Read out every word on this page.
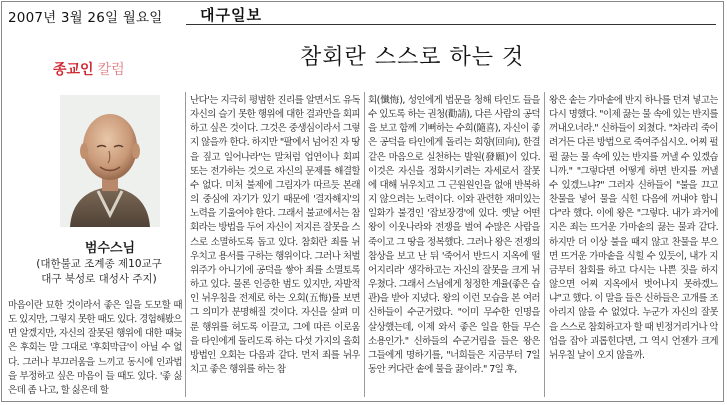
2007년 3월 26일 월요일	대구일보
참회란 스스로 하는 것
종교인 칼럼
범수스님
(대한불교 조계종 제10교구
대구 북성로 대성사 주지)

마음이란 묘한 것이라서 좋은 일을 도모할 때도 있지만, 그렇지 못한 때도 있다. 경험해봤으면 알겠지만, 자신의 잘못된 행위에 대한 때늦은 후회는 말 그대로 '후회막급'이 아닐 수 없다. 그러나 부끄러움을 느끼고 동시에 인과법을 부정하고 싶은 마음이 들 때도 있다. '좋 싫은데 좀 나고, 할 싫은데 할

난다'는 지극히 평범한 진리를 알면서도 유독 자신의 슬기 못한 행위에 대한 결과만을 회피하고 싶은 것이다. 그것은 중생심이라서 그렇지 않을까 한다. 하지만 "팔에서 넘어진 자 땅을 짚고 일어나라"는 말처럼 업연이나 회피 또는 전가하는 것으로 자신의 문제를 해결할 수 없다. 미처 불제에 그림자가 따르듯 본래의 중심에 자기가 있기 때문에 '결자해지'의 노력을 기울여야 한다. 그래서 불교에서는 참회라는 방법을 두어 자신이 저지른 잘못을 스스로 소멸하도록 돕고 있다. 참회란 죄를 뉘우치고 용서를 구하는 행위이다. 그러나 처벌위주가 아니기에 공덕을 쌓아 죄를 소멸토록 하고 있다. 물론 인증한 범도 있지만, 자발적인 뉘우침을 전제로 하는 오회(五悔)를 보면 그 의미가 분명해질 것이다. 자신을 살펴 미룬 행위를 허도록 이끌고, 그에 따른 이로움을 타인에게 돌리도록 하는 다섯 가지의 올회 방법인 오회는 다음과 같다. 먼저 죄를 뉘우치고 좋은 행위를 하는 참

회(懺悔), 성인에게 법문을 청해 타인도 들을 수 있도록 하는 권청(勸請), 다른 사람의 공덕을 보고 함께 기뻐하는 수희(隨喜), 자신이 좋은 공덕을 타인에게 돌리는 회향(回向), 한결 같은 마음으로 실천하는 발원(發願)이 있다. 이것은 자신을 정화시키려는 자세로서 잘못에 대해 뉘우치고 그 근원원인을 없애 반복하지 않으려는 노력이다. 이와 관련한 재미있는 일화가 불경인 '잡보장경'에 있다. 옛날 어떤 왕이 이웃나라와 전쟁을 벌여 수많은 사람을 죽이고 그 땅을 정복했다. 그러나 왕은 전쟁의 참상을 보고 난 뒤 '죽어서 반드시 지옥에 떨어지리라' 생각하고는 자신의 잘못을 크게 뉘우쳤다. 그래서 스님에게 청정한 계율(좋은 습관)을 받아 지녔다. 왕의 이런 모습을 본 여러 신하들이 수군거렸다. "이미 무수한 인명을 살상했는데, 이제 와서 좋은 일을 한들 무슨 소용인가." 신하들의 수군거림을 들은 왕은 그들에게 명하기를, "너희들은 지금부터 7일 동안 커다란 솥에 물을 끓이라." 7일 후,

왕은 솥는 가마솥에 반지 하나를 던져 넣고는 다시 명했다. "이제 끓는 물 속에 있는 반지를 꺼내오너라." 신하들이 외쳤다. "차라리 죽이려거든 다른 방법으로 죽여주십시오. 어찌 펄펄 끓는 물 속에 있는 반지를 꺼낼 수 있겠습니까." "그렇다면 어떻게 하면 반지를 꺼낼 수 있겠느냐?" 그러자 신하들이 "불을 끄고 찬물을 넣어 물을 식힌 다음에 꺼내야 합니다"라 했다. 이에 왕은 "그렇다. 내가 과거에 지은 죄는 뜨거운 가마솥의 끓는 물과 같다. 하지만 더 이상 불을 때지 않고 찬물을 부으면 뜨거운 가마솥을 식힐 수 있듯이, 내가 지금부터 참회를 하고 다시는 나쁜 짓을 하지 않으면 어찌 지옥에서 벗어나지 못하겠느냐"고 했다. 이 말을 들은 신하들은 고개를 조아리지 않을 수 없었다. 누군가 자신의 잘못을 스스로 참회하고자 할 때 빈정거리거나 악업을 잡아 괴롭힌다면, 그 역시 언젠가 크게 뉘우칠 날이 오지 않을까.
